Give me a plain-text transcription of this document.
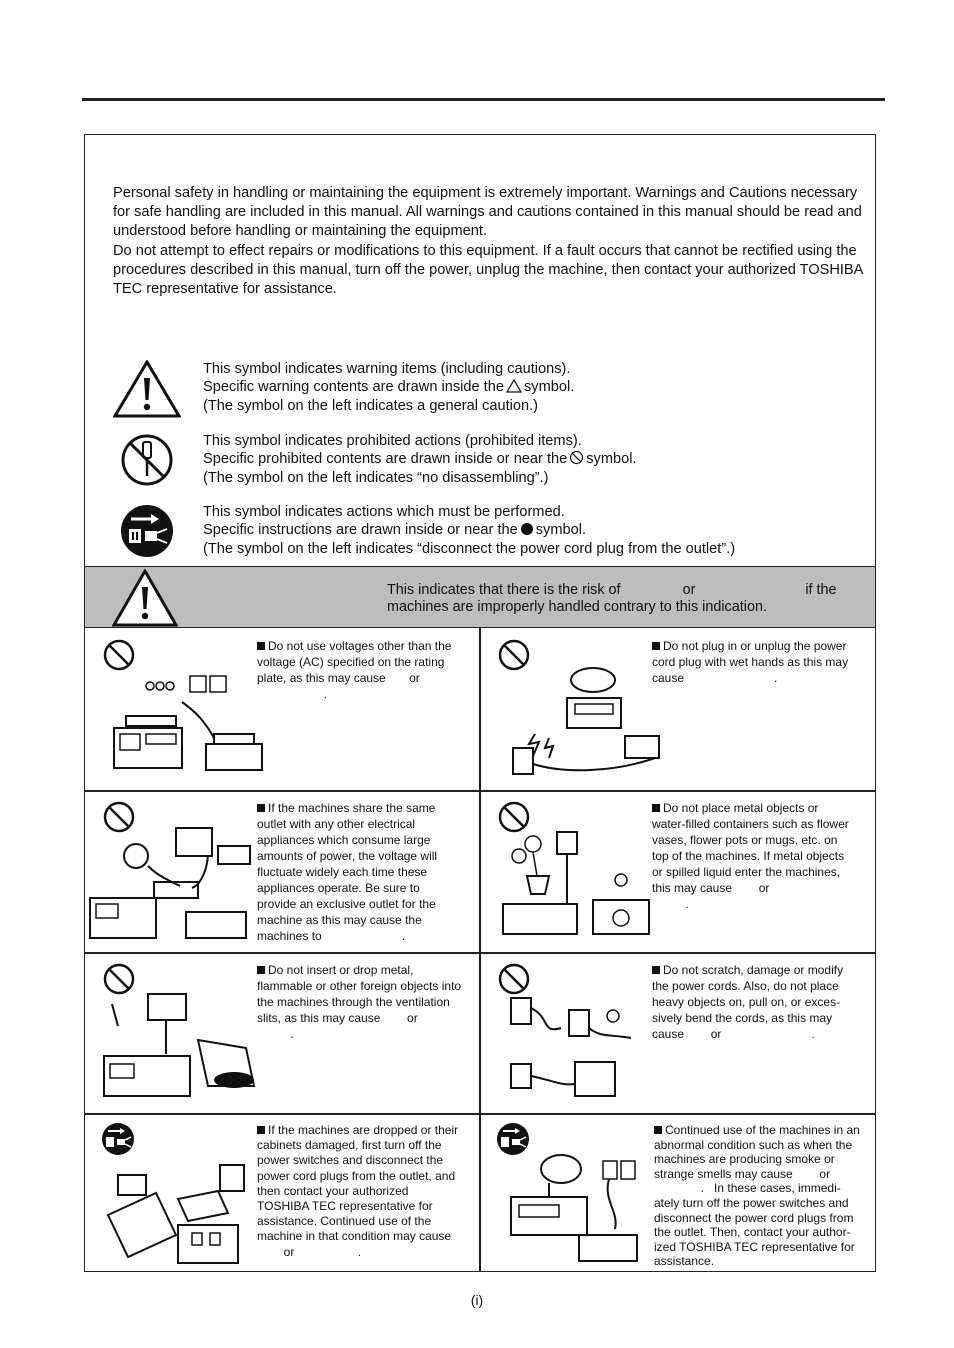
Personal safety in handling or maintaining the equipment is extremely important. Warnings and Cautions necessary for safe handling are included in this manual. All warnings and cautions contained in this manual should be read and understood before handling or maintaining the equipment.

Do not attempt to effect repairs or modifications to this equipment. If a fault occurs that cannot be rectified using the procedures described in this manual, turn off the power, unplug the machine, then contact your authorized TOSHIBA TEC representative for assistance.

This symbol indicates warning items (including cautions).
Specific warning contents are drawn inside the symbol.
(The symbol on the left indicates a general caution.)
This symbol indicates prohibited actions (prohibited items).
Specific prohibited contents are drawn inside or near the symbol.
(The symbol on the left indicates “no disassembling”.)
This symbol indicates actions which must be performed.
Specific instructions are drawn inside or near the symbol.
(The symbol on the left indicates “disconnect the power cord plug from the outlet”.)
This indicates that there is the risk of	or	if the
machines are improperly handled contrary to this indication.
Do not use voltages other than the
voltage (AC) specified on the rating
plate, as this may cause       or
.
Do not plug in or unplug the power
cord plug with wet hands as this may
cause                           .
If the machines share the same
outlet with any other electrical
appliances which consume large
amounts of power, the voltage will
fluctuate widely each time these
appliances operate. Be sure to
provide an exclusive outlet for the
machine as this may cause the
machines to                        .
Do not place metal objects or
water-filled containers such as flower
vases, flower pots or mugs, etc. on
top of the machines. If metal objects
or spilled liquid enter the machines,
this may cause        or
.
Do not insert or drop metal,
flammable or other foreign objects into
the machines through the ventilation
slits, as this may cause        or
.
Do not scratch, damage or modify
the power cords. Also, do not place
heavy objects on, pull on, or exces-
sively bend the cords, as this may
cause        or                           .
If the machines are dropped or their
cabinets damaged, first turn off the
power switches and disconnect the
power cord plugs from the outlet, and
then contact your authorized
TOSHIBA TEC representative for
assistance. Continued use of the
machine in that condition may cause
or                   .
Continued use of the machines in an
abnormal condition such as when the
machines are producing smoke or
strange smells may cause        or
.   In these cases, immedi-
ately turn off the power switches and
disconnect the power cord plugs from
the outlet. Then, contact your author-
ized TOSHIBA TEC representative for
assistance.
(i)
